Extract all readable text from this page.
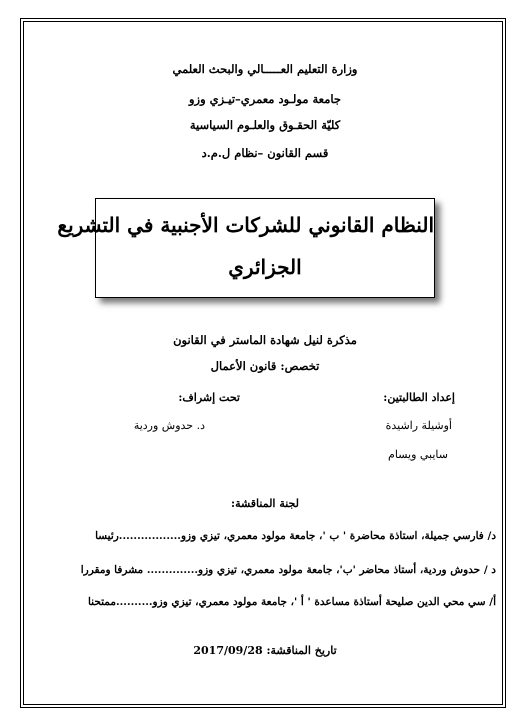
وزارة التعليم العـــــالي والبحث العلمي
جامعة مولـود معمري–تيـزي وزو
كليّة الحقـوق والعلـوم السياسية
قسم القانون –نظام ل.م.د
النظام القانوني للشركات الأجنبية في التشريع
الجزائري
مذكرة لنيل شهادة الماستر في القانون
تخصص: قانون الأعمال
إعداد الطالبتين:
تحت إشراف:
أوشيلة راشيدة
د. حدوش وردية
سايبي ويسام
لجنة المناقشة:
د/ فارسي جميلة، استاذة محاضرة ' ب '، جامعة مولود معمري، تيزي وزو.................رئيسا
د / حدوش وردية، أستاذ محاضر 'ب'، جامعة مولود معمري، تيزي وزو.............. مشرفا ومقررا
أ/ سي محي الدين صليحة أستاذة مساعدة ' أ '، جامعة مولود معمري، تيزي وزو..........ممتحنا
تاريخ المناقشة: 2017/09/28
